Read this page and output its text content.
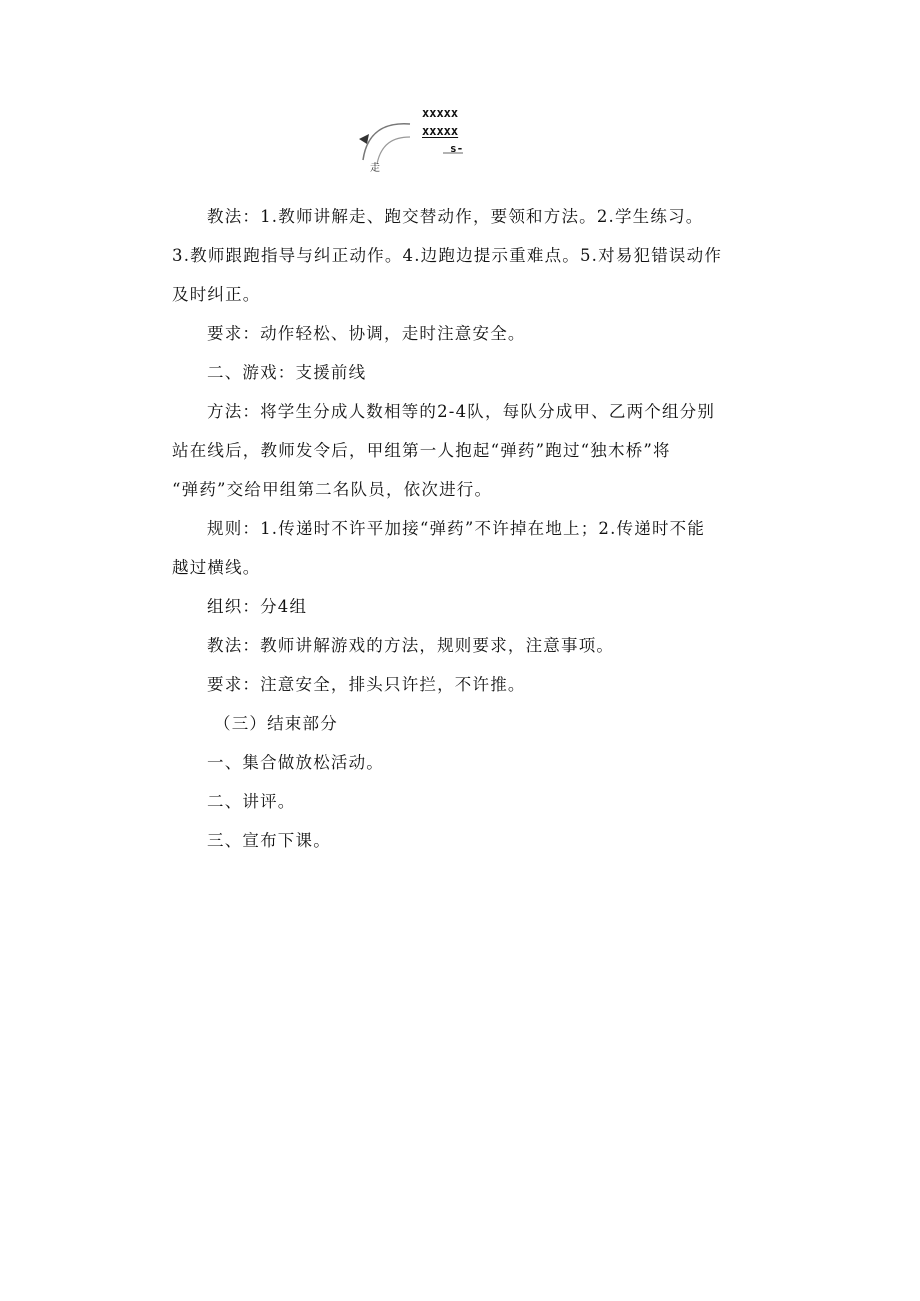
xxxxx
xxxxx
s-
走
教法：1.教师讲解走、跑交替动作，要领和方法。2.学生练习。
3.教师跟跑指导与纠正动作。4.边跑边提示重难点。5.对易犯错误动作
及时纠正。
要求：动作轻松、协调，走时注意安全。
二、游戏：支援前线
方法：将学生分成人数相等的2-4队，每队分成甲、乙两个组分别
站在线后，教师发令后，甲组第一人抱起“弹药”跑过“独木桥”将
“弹药”交给甲组第二名队员，依次进行。
规则：1.传递时不许平加接“弹药”不许掉在地上；2.传递时不能
越过横线。
组织：分4组
教法：教师讲解游戏的方法，规则要求，注意事项。
要求：注意安全，排头只许拦，不许推。
（三）结束部分
一、集合做放松活动。
二、讲评。
三、宣布下课。
